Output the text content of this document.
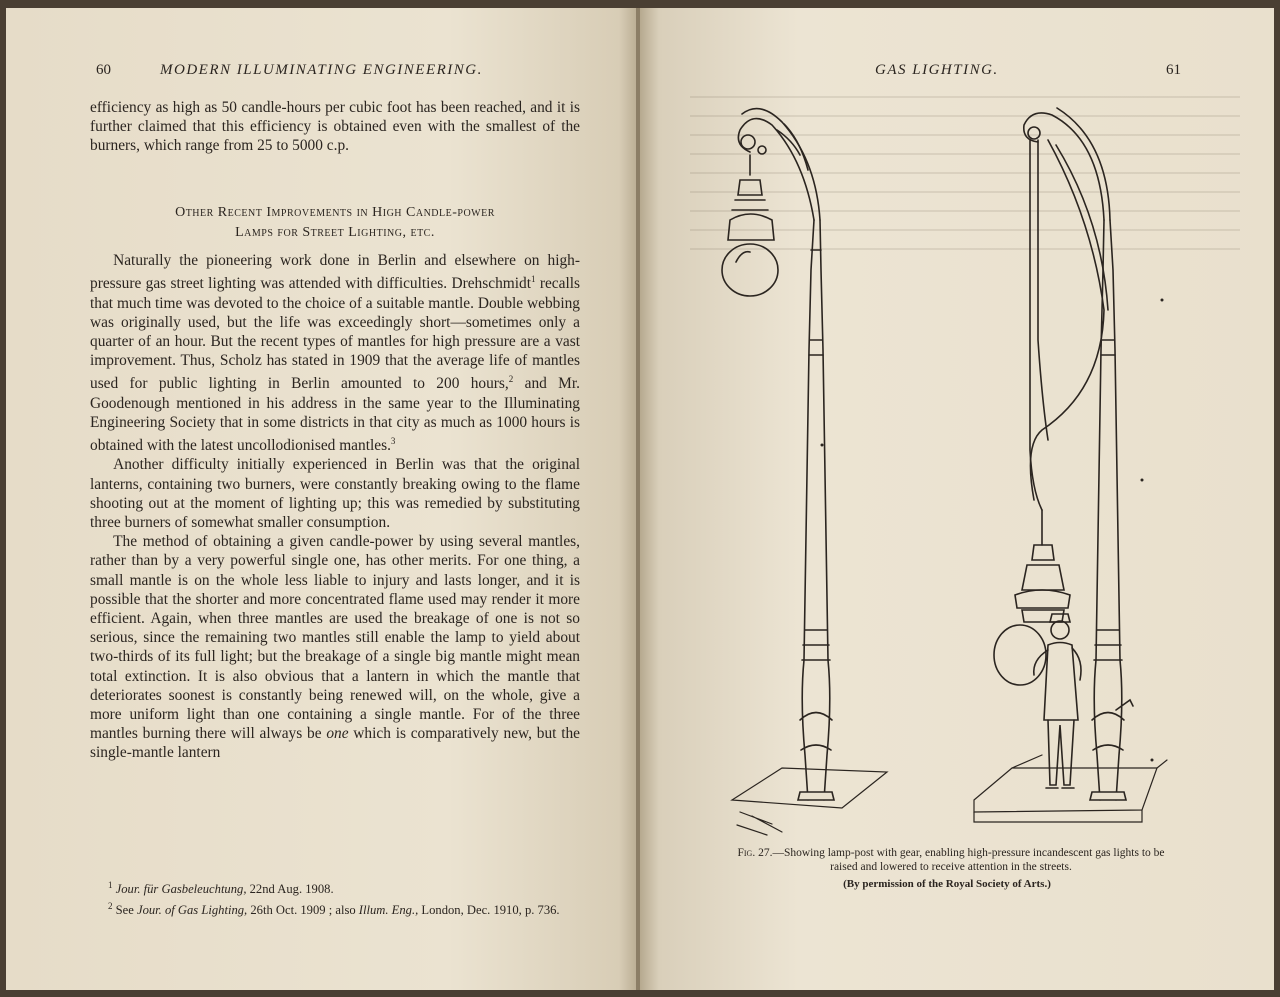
60	MODERN ILLUMINATING ENGINEERING.

efficiency as high as 50 candle-hours per cubic foot has been reached, and it is further claimed that this efficiency is obtained even with the smallest of the burners, which range from 25 to 5000 c.p.

Other Recent Improvements in High Candle-power
Lamps for Street Lighting, etc.

Naturally the pioneering work done in Berlin and elsewhere on high-pressure gas street lighting was attended with difficulties. Drehschmidt$^1$ recalls that much time was devoted to the choice of a suitable mantle. Double webbing was originally used, but the life was exceedingly short—sometimes only a quarter of an hour. But the recent types of mantles for high pressure are a vast improvement. Thus, Scholz has stated in 1909 that the average life of mantles used for public lighting in Berlin amounted to 200 hours,$^2$ and Mr. Goodenough mentioned in his address in the same year to the Illuminating Engineering Society that in some districts in that city as much as 1000 hours is obtained with the latest uncollodionised mantles.$^3$

Another difficulty initially experienced in Berlin was that the original lanterns, containing two burners, were constantly breaking owing to the flame shooting out at the moment of lighting up; this was remedied by substituting three burners of somewhat smaller consumption.

The method of obtaining a given candle-power by using several mantles, rather than by a very powerful single one, has other merits. For one thing, a small mantle is on the whole less liable to injury and lasts longer, and it is possible that the shorter and more concentrated flame used may render it more efficient. Again, when three mantles are used the breakage of one is not so serious, since the remaining two mantles still enable the lamp to yield about two-thirds of its full light; but the breakage of a single big mantle might mean total extinction. It is also obvious that a lantern in which the mantle that deteriorates soonest is constantly being renewed will, on the whole, give a more uniform light than one containing a single mantle. For of the three mantles burning there will always be one which is comparatively new, but the single-mantle lantern

$^1$ Jour. für Gasbeleuchtung, 22nd Aug. 1908.

$^2$ See Jour. of Gas Lighting, 26th Oct. 1909 ; also Illum. Eng., London, Dec. 1910, p. 736.

GAS LIGHTING.	61
Fig. 27.—Showing lamp-post with gear, enabling high-pressure incandescent gas lights to be raised and lowered to receive attention in the streets.
(By permission of the Royal Society of Arts.)
